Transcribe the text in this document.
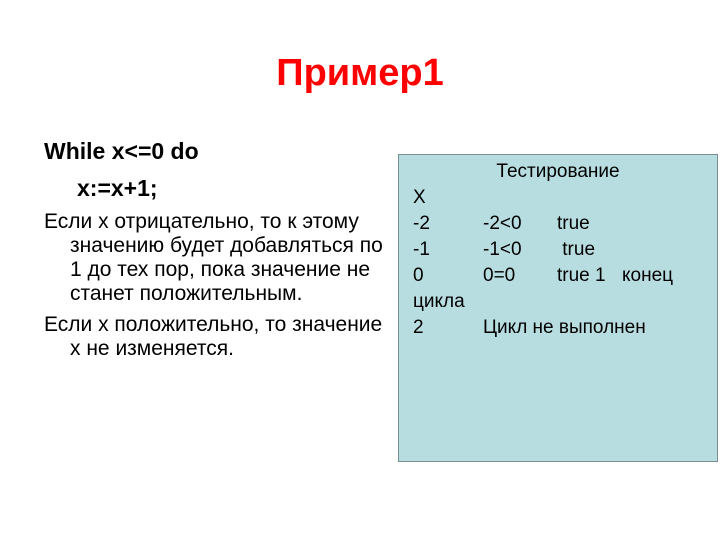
Пример1
While x<=0 do
x:=x+1;
Если х отрицательно, то к этому значению будет добавляться по 1 до тех пор, пока значение не станет положительным.
Если х положительно, то значение х не изменяется.
Тестирование
Х
-2	-2<0 true
-1	-1<0 true
0	0=0 true 1 конец
цикла
2	Цикл не выполнен
